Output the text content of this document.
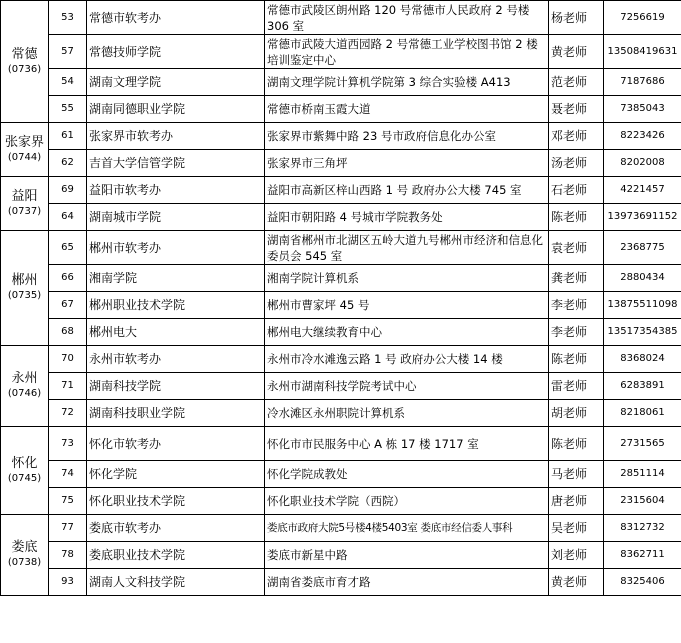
常德
(0736)	53	常德市软考办	常德市武陵区朗州路 120 号常德市人民政府 2 号楼 306 室	杨老师	7256619
	57	常德技师学院	常德市武陵大道西园路 2 号常德工业学校图书馆 2 楼培训鉴定中心	黄老师	13508419631
	54	湖南文理学院	湖南文理学院计算机学院第 3 综合实验楼 A413	范老师	7187686
	55	湖南同德职业学院	常德市桥南玉霞大道	聂老师	7385043
张家界
(0744)	61	张家界市软考办	张家界市紫舞中路 23 号市政府信息化办公室	邓老师	8223426
	62	吉首大学信管学院	张家界市三角坪	汤老师	8202008
益阳
(0737)	69	益阳市软考办	益阳市高新区梓山西路 1 号 政府办公大楼 745 室	石老师	4221457
	64	湖南城市学院	益阳市朝阳路 4 号城市学院教务处	陈老师	13973691152
郴州
(0735)	65	郴州市软考办	湖南省郴州市北湖区五岭大道九号郴州市经济和信息化委员会 545 室	袁老师	2368775
	66	湘南学院	湘南学院计算机系	龚老师	2880434
	67	郴州职业技术学院	郴州市曹家坪 45 号	李老师	13875511098
	68	郴州电大	郴州电大继续教育中心	李老师	13517354385
永州
(0746)	70	永州市软考办	永州市冷水滩逸云路 1 号 政府办公大楼 14 楼	陈老师	8368024
	71	湖南科技学院	永州市湖南科技学院考试中心	雷老师	6283891
	72	湖南科技职业学院	冷水滩区永州职院计算机系	胡老师	8218061
怀化
(0745)	73	怀化市软考办	怀化市市民服务中心 A 栋 17 楼 1717 室	陈老师	2731565
	74	怀化学院	怀化学院成教处	马老师	2851114
	75	怀化职业技术学院	怀化职业技术学院（西院）	唐老师	2315604
娄底
(0738)	77	娄底市软考办	娄底市政府大院5号楼4楼5403室 娄底市经信委人事科	吴老师	8312732
	78	娄底职业技术学院	娄底市新星中路	刘老师	8362711
	93	湖南人文科技学院	湖南省娄底市育才路	黄老师	8325406
